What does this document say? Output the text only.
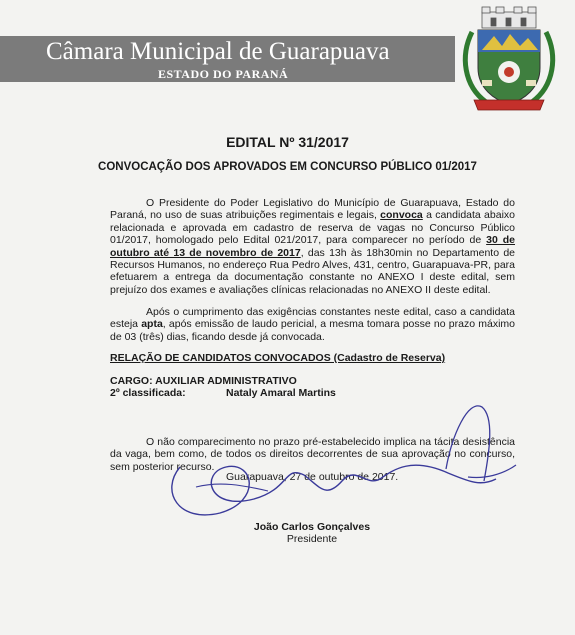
Câmara Municipal de Guarapuava
ESTADO DO PARANÁ
EDITAL Nº 31/2017
CONVOCAÇÃO DOS APROVADOS EM CONCURSO PÚBLICO 01/2017
O Presidente do Poder Legislativo do Município de Guarapuava, Estado do Paraná, no uso de suas atribuições regimentais e legais, convoca a candidata abaixo relacionada e aprovada em cadastro de reserva de vagas no Concurso Público 01/2017, homologado pelo Edital 021/2017, para comparecer no período de 30 de outubro até 13 de novembro de 2017, das 13h às 18h30min no Departamento de Recursos Humanos, no endereço Rua Pedro Alves, 431, centro, Guarapuava-PR, para efetuarem a entrega da documentação constante no ANEXO I deste edital, sem prejuízo dos exames e avaliações clínicas relacionadas no ANEXO II deste edital.
Após o cumprimento das exigências constantes neste edital, caso a candidata esteja apta, após emissão de laudo pericial, a mesma tomara posse no prazo máximo de 03 (três) dias, ficando desde já convocada.
RELAÇÃO DE CANDIDATOS CONVOCADOS (Cadastro de Reserva)
CARGO: AUXILIAR ADMINISTRATIVO
2º classificada:	Nataly Amaral Martins
O não comparecimento no prazo pré-estabelecido implica na tácita desistência da vaga, bem como, de todos os direitos decorrentes de sua aprovação no concurso, sem posterior recurso.
Guarapuava, 27 de outubro de 2017.
João Carlos Gonçalves
Presidente
